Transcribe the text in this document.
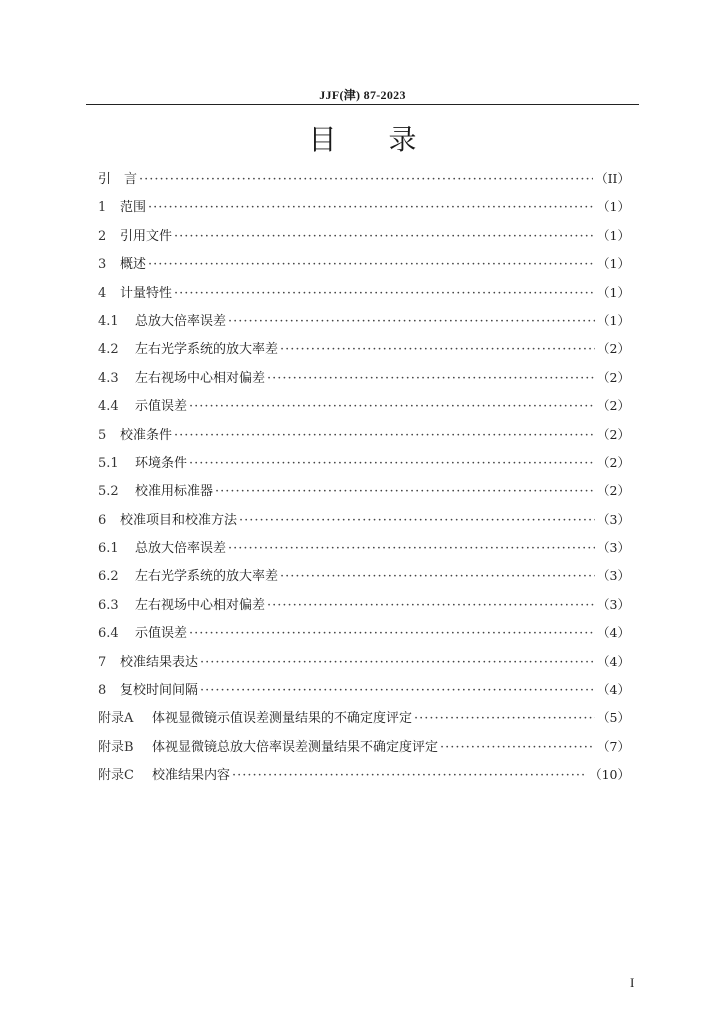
JJF(津) 87-2023
目 录
引　言 ·····	（II）
1	范围 ·····	（1）
2	引用文件 ·····	（1）
3	概述 ·····	（1）
4	计量特性 ·····	（1）
4.1	总放大倍率误差 ·····	（1）
4.2	左右光学系统的放大率差 ·····	（2）
4.3	左右视场中心相对偏差 ·····	（2）
4.4	示值误差 ·····	（2）
5	校准条件 ·····	（2）
5.1	环境条件 ·····	（2）
5.2	校准用标准器 ·····	（2）
6	校准项目和校准方法 ·····	（3）
6.1	总放大倍率误差 ·····	（3）
6.2	左右光学系统的放大率差 ·····	（3）
6.3	左右视场中心相对偏差 ·····	（3）
6.4	示值误差 ·····	（4）
7	校准结果表达 ·····	（4）
8	复校时间间隔 ·····	（4）
附录A	体视显微镜示值误差测量结果的不确定度评定 ·····	（5）
附录B	体视显微镜总放大倍率误差测量结果不确定度评定 ·····	（7）
附录C	校准结果内容 ·····	（10）
I
